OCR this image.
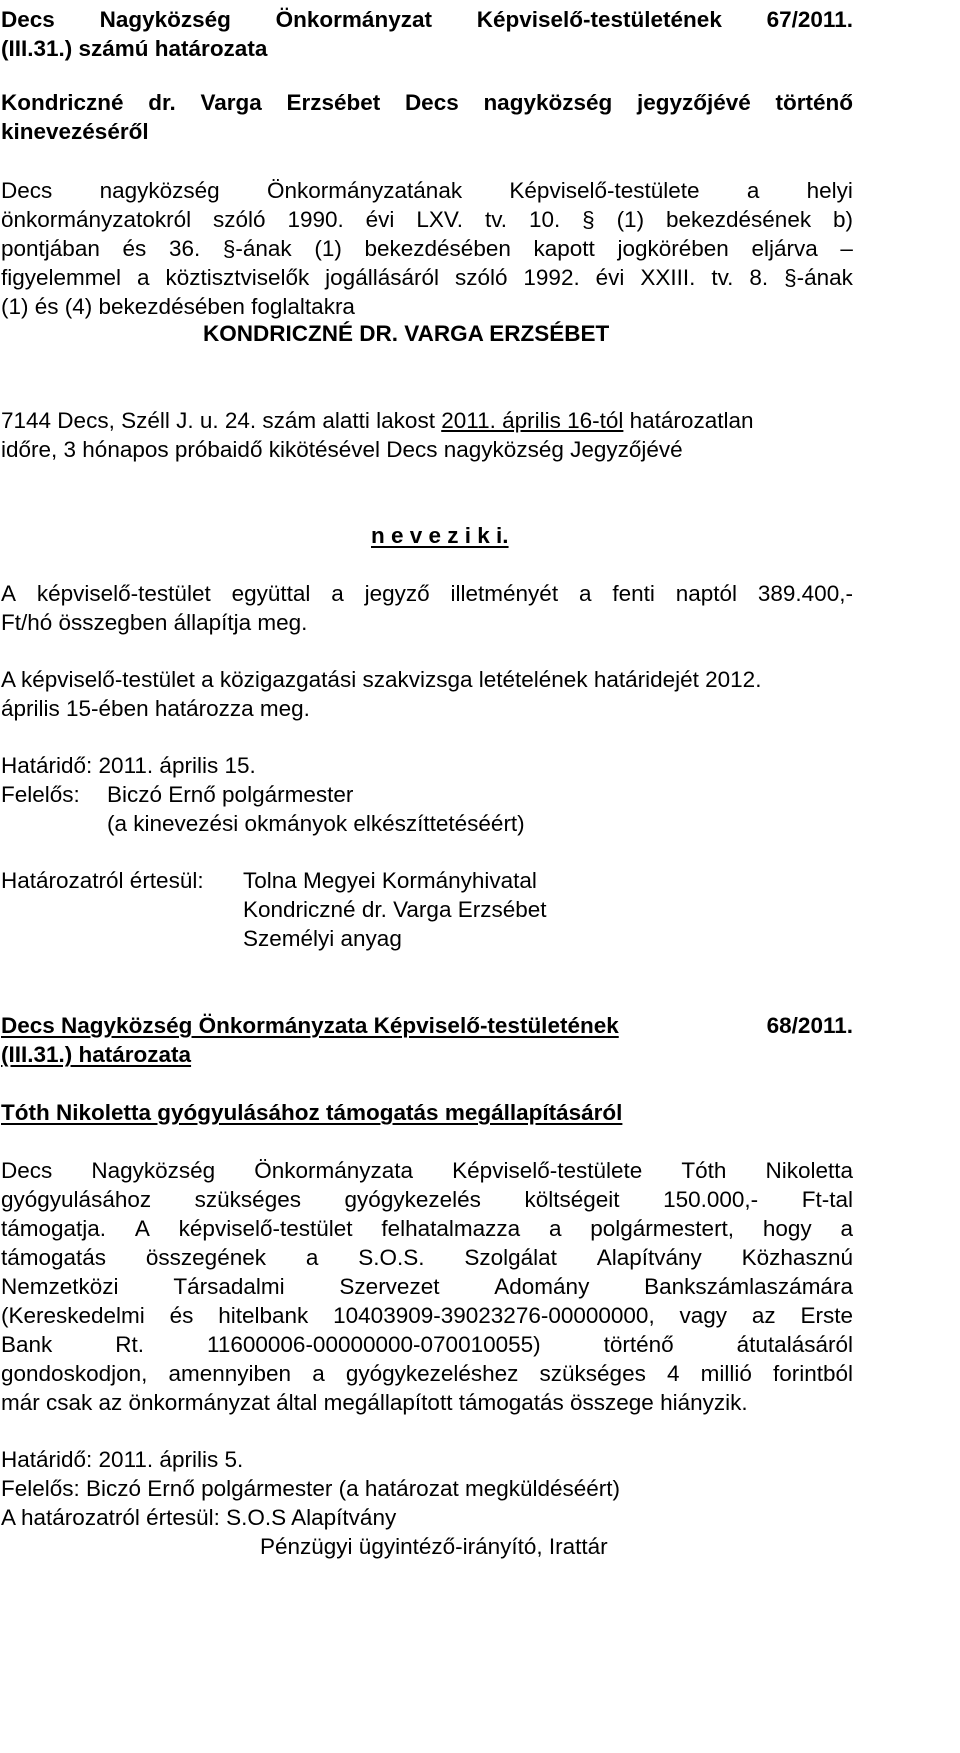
Decs Nagyközség Önkormányzat Képviselő-testületének 67/2011.
(III.31.) számú határozata
Kondriczné dr. Varga Erzsébet Decs nagyközség jegyzőjévé történő
kinevezéséről
Decs nagyközség Önkormányzatának Képviselő-testülete a helyi
önkormányzatokról szóló 1990. évi LXV. tv. 10. § (1) bekezdésének b)
pontjában és 36. §-ának (1) bekezdésében kapott jogkörében eljárva –
figyelemmel a köztisztviselők jogállásáról szóló 1992. évi XXIII. tv. 8. §-ának
(1) és (4) bekezdésében foglaltakra
KONDRICZNÉ DR. VARGA ERZSÉBET
7144 Decs, Széll J. u. 24. szám alatti lakost 2011. április 16-tól határozatlan
időre, 3 hónapos próbaidő kikötésével Decs nagyközség Jegyzőjévé
n e v e z i k i.
A képviselő-testület együttal a jegyző illetményét a fenti naptól 389.400,-
Ft/hó összegben állapítja meg.
A képviselő-testület a közigazgatási szakvizsga letételének határidejét 2012.
április 15-ében határozza meg.
Határidő: 2011. április 15.
Felelős:	Biczó Ernő polgármester
(a kinevezési okmányok elkészíttetéséért)
Határozatról értesül:	Tolna Megyei Kormányhivatal
Kondriczné dr. Varga Erzsébet
Személyi anyag
Decs Nagyközség Önkormányzata Képviselő-testületének	68/2011.
(III.31.) határozata
Tóth Nikoletta gyógyulásához támogatás megállapításáról
Decs Nagyközség Önkormányzata Képviselő-testülete Tóth Nikoletta
gyógyulásához szükséges gyógykezelés költségeit 150.000,- Ft-tal
támogatja. A képviselő-testület felhatalmazza a polgármestert, hogy a
támogatás összegének a S.O.S. Szolgálat Alapítvány Közhasznú
Nemzetközi Társadalmi Szervezet Adomány Bankszámlaszámára
(Kereskedelmi és hitelbank 10403909-39023276-00000000, vagy az Erste
Bank	Rt.	11600006-00000000-070010055)	történő	átutalásáról
gondoskodjon, amennyiben a gyógykezeléshez szükséges 4 millió forintból
már csak az önkormányzat által megállapított támogatás összege hiányzik.
Határidő: 2011. április 5.
Felelős: Biczó Ernő polgármester (a határozat megküldéséért)
A határozatról értesül: S.O.S Alapítvány
Pénzügyi ügyintéző-irányító, Irattár
